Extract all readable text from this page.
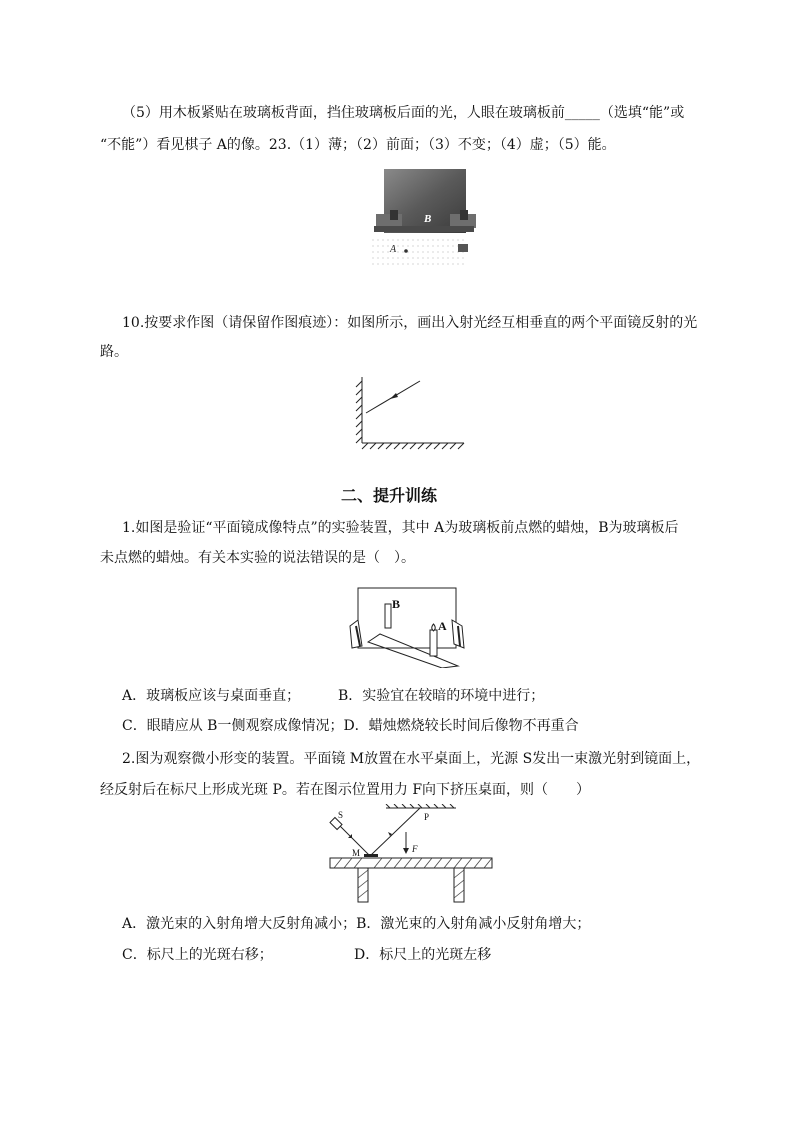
（5）用木板紧贴在玻璃板背面，挡住玻璃板后面的光，人眼在玻璃板前_____（选填“能”或
“不能”）看见棋子 A的像。23.（1）薄；（2）前面；（3）不变；（4）虚；（5）能。
B
A
10.按要求作图（请保留作图痕迹）：如图所示，画出入射光经互相垂直的两个平面镜反射的光
路。
二、提升训练
1.如图是验证“平面镜成像特点”的实验装置，其中 A为玻璃板前点燃的蜡烛，B为玻璃板后
未点燃的蜡烛。有关本实验的说法错误的是（　）。
B
A
A．玻璃板应该与桌面垂直；	B．实验宜在较暗的环境中进行；
C．眼睛应从 B一侧观察成像情况；D．蜡烛燃烧较长时间后像物不再重合
2.图为观察微小形变的装置。平面镜 M放置在水平桌面上，光源 S发出一束激光射到镜面上，
经反射后在标尺上形成光斑 P。若在图示位置用力 F向下挤压桌面，则（　　）
S
M
P
F
A．激光束的入射角增大反射角减小；B．激光束的入射角减小反射角增大；
C．标尺上的光斑右移；	D．标尺上的光斑左移
